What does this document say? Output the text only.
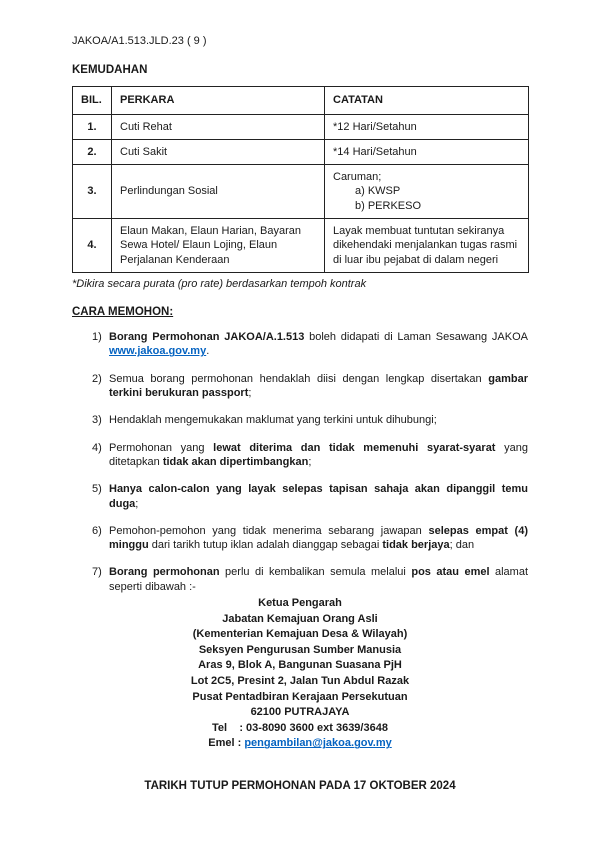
JAKOA/A1.513.JLD.23 ( 9 )
KEMUDAHAN
BIL.	PERKARA	CATATAN
1.	Cuti Rehat	*12 Hari/Setahun
2.	Cuti Sakit	*14 Hari/Setahun
3.	Perlindungan Sosial	Caruman;
a) KWSP
b) PERKESO

4.	Elaun Makan, Elaun Harian, Bayaran Sewa Hotel/ Elaun Lojing, Elaun Perjalanan Kenderaan	Layak membuat tuntutan sekiranya dikehendaki menjalankan tugas rasmi di luar ibu pejabat di dalam negeri
*Dikira secara purata (pro rate) berdasarkan tempoh kontrak
CARA MEMOHON:
1) Borang Permohonan JAKOA/A.1.513 boleh didapati di Laman Sesawang JAKOA www.jakoa.gov.my.
2) Semua borang permohonan hendaklah diisi dengan lengkap disertakan gambar terkini berukuran passport;
3) Hendaklah mengemukakan maklumat yang terkini untuk dihubungi;
4) Permohonan yang lewat diterima dan tidak memenuhi syarat-syarat yang ditetapkan tidak akan dipertimbangkan;
5) Hanya calon-calon yang layak selepas tapisan sahaja akan dipanggil temu duga;
6) Pemohon-pemohon yang tidak menerima sebarang jawapan selepas empat (4) minggu dari tarikh tutup iklan adalah dianggap sebagai tidak berjaya; dan
7) Borang permohonan perlu di kembalikan semula melalui pos atau emel alamat seperti dibawah :-
Ketua Pengarah
Jabatan Kemajuan Orang Asli
(Kementerian Kemajuan Desa & Wilayah)
Seksyen Pengurusan Sumber Manusia
Aras 9, Blok A, Bangunan Suasana PjH
Lot 2C5, Presint 2, Jalan Tun Abdul Razak
Pusat Pentadbiran Kerajaan Persekutuan
62100 PUTRAJAYA
Tel    : 03-8090 3600 ext 3639/3648
Emel : pengambilan@jakoa.gov.my
TARIKH TUTUP PERMOHONAN PADA 17 OKTOBER 2024
